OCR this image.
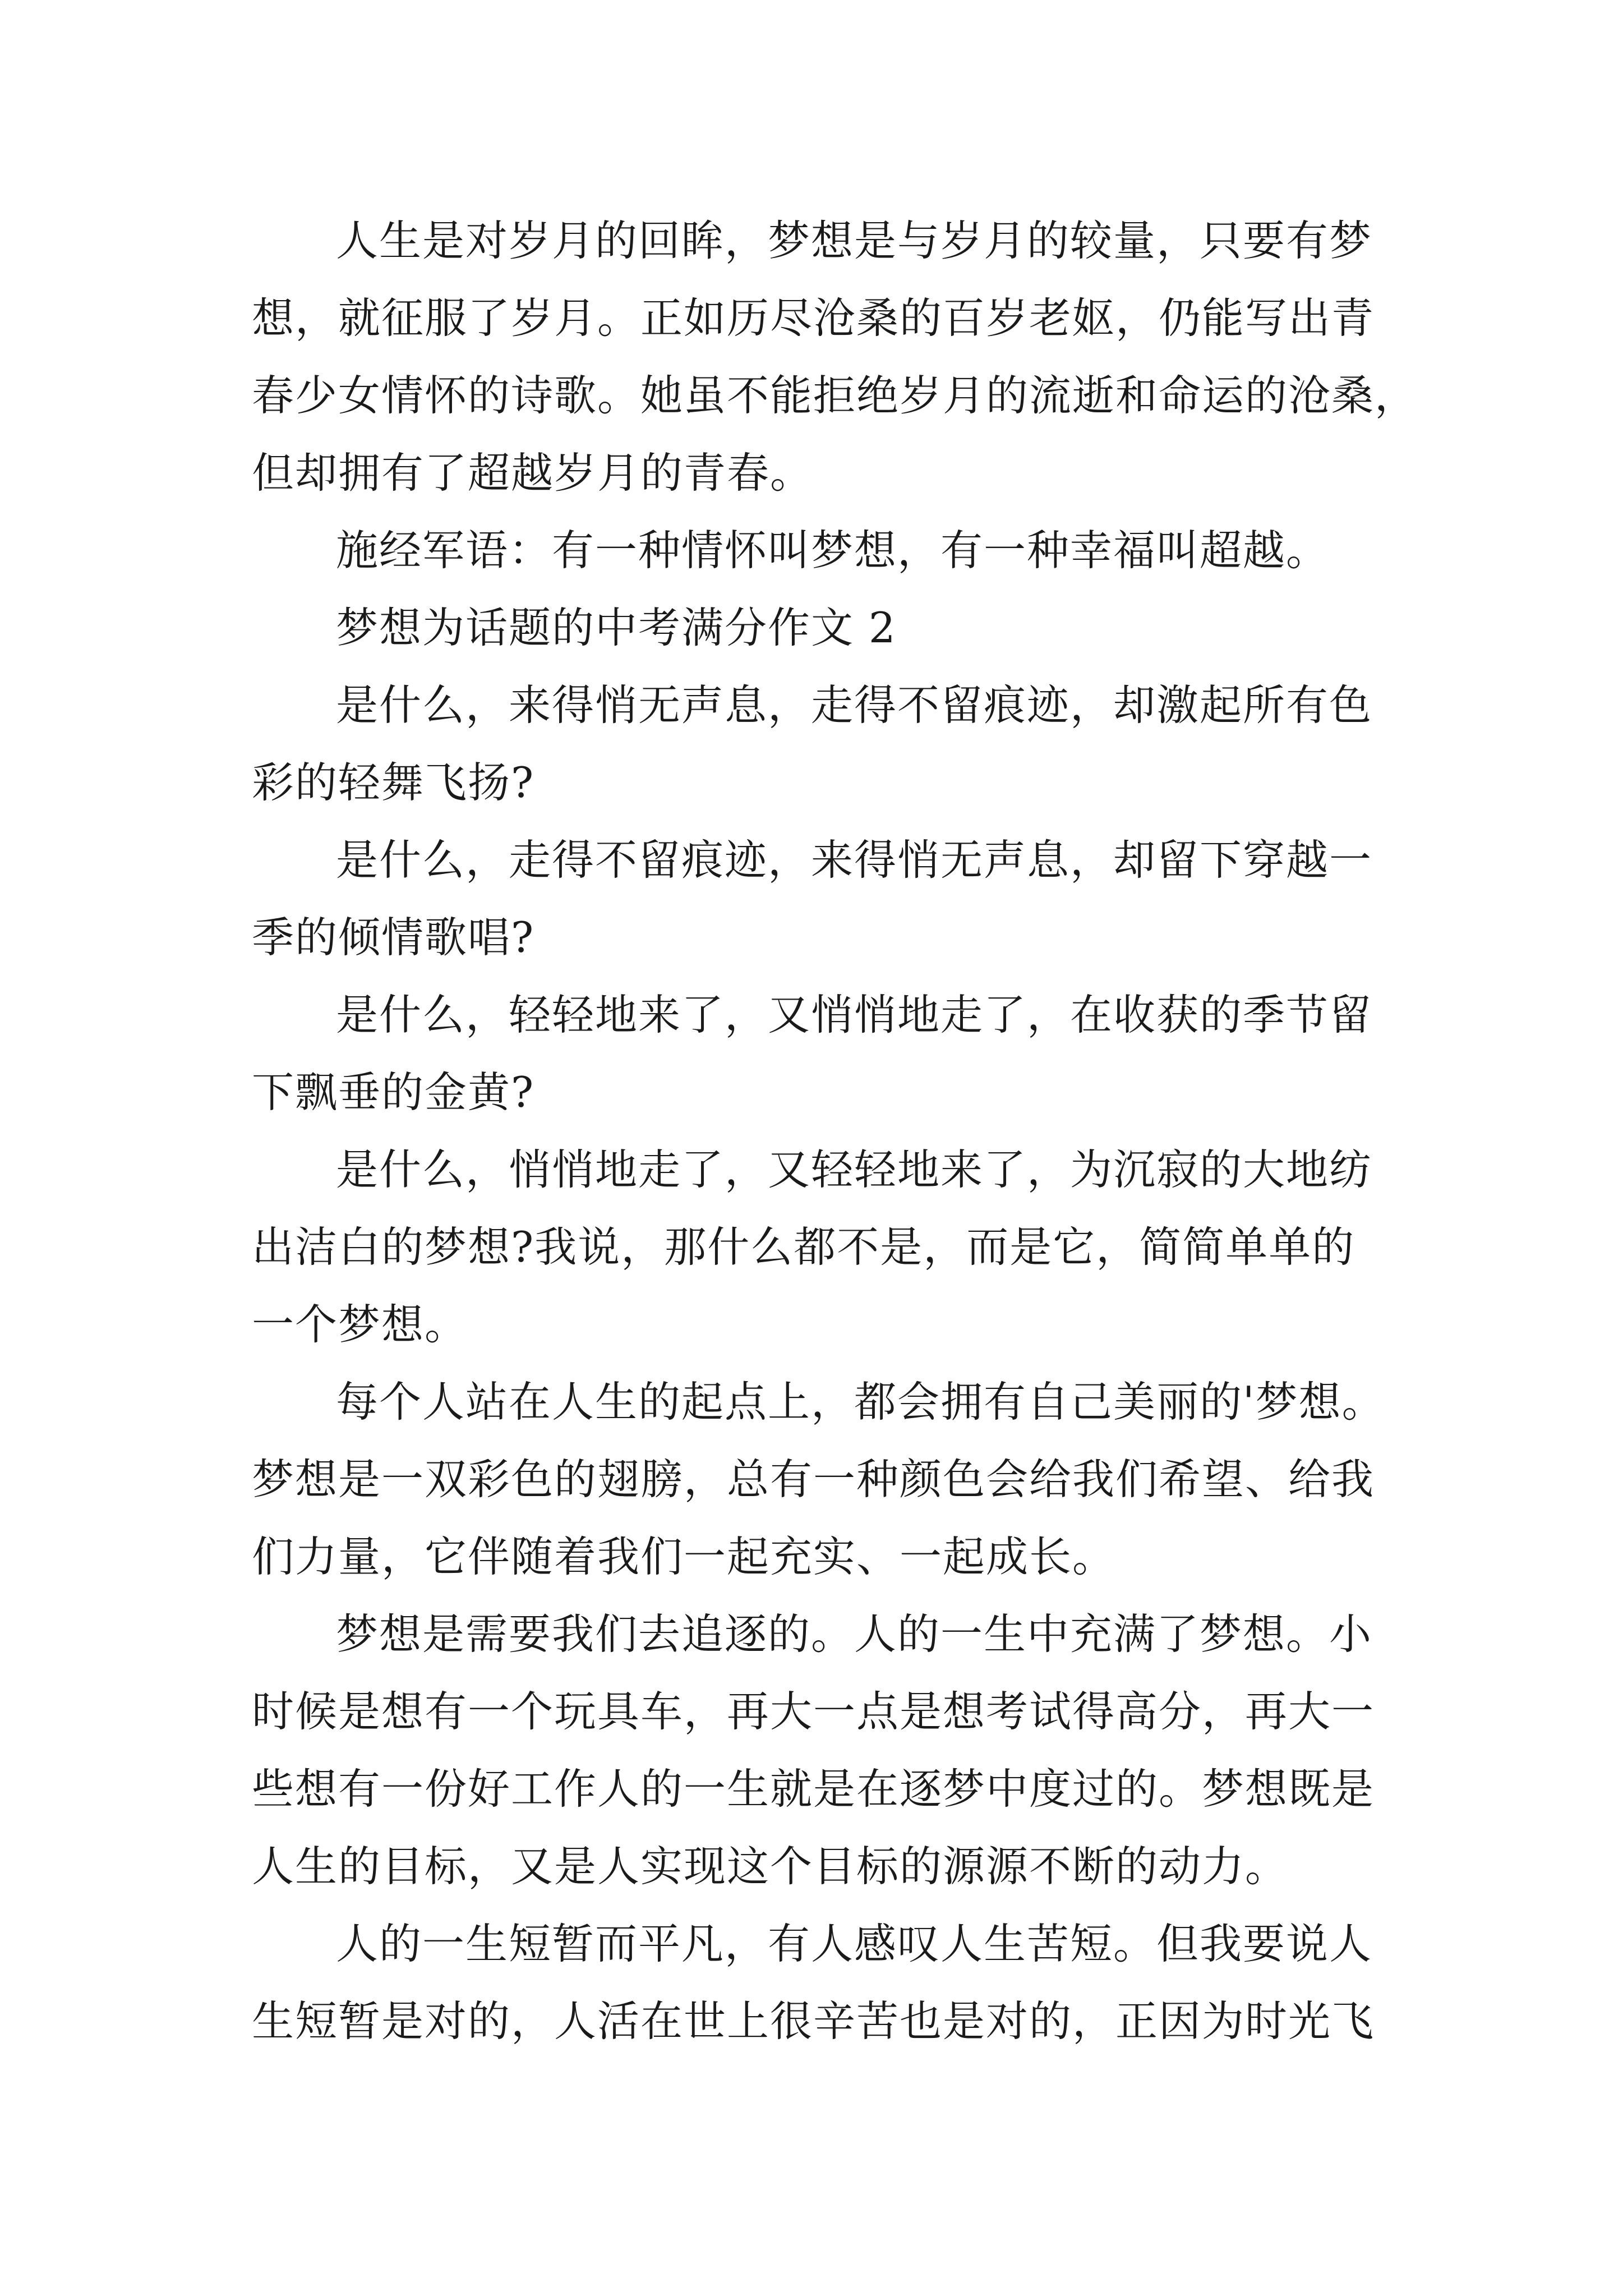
人生是对岁月的回眸，梦想是与岁月的较量，只要有梦
想，就征服了岁月。正如历尽沧桑的百岁老妪，仍能写出青
春少女情怀的诗歌。她虽不能拒绝岁月的流逝和命运的沧桑，
但却拥有了超越岁月的青春。
施经军语：有一种情怀叫梦想，有一种幸福叫超越。
梦想为话题的中考满分作文 2
是什么，来得悄无声息，走得不留痕迹，却激起所有色
彩的轻舞飞扬?
是什么，走得不留痕迹，来得悄无声息，却留下穿越一
季的倾情歌唱?
是什么，轻轻地来了，又悄悄地走了，在收获的季节留
下飘垂的金黄?
是什么，悄悄地走了，又轻轻地来了，为沉寂的大地纺
出洁白的梦想?我说，那什么都不是，而是它，简简单单的
一个梦想。
每个人站在人生的起点上，都会拥有自己美丽的'梦想。
梦想是一双彩色的翅膀，总有一种颜色会给我们希望、给我
们力量，它伴随着我们一起充实、一起成长。
梦想是需要我们去追逐的。人的一生中充满了梦想。小
时候是想有一个玩具车，再大一点是想考试得高分，再大一
些想有一份好工作人的一生就是在逐梦中度过的。梦想既是
人生的目标，又是人实现这个目标的源源不断的动力。
人的一生短暂而平凡，有人感叹人生苦短。但我要说人
生短暂是对的，人活在世上很辛苦也是对的，正因为时光飞
